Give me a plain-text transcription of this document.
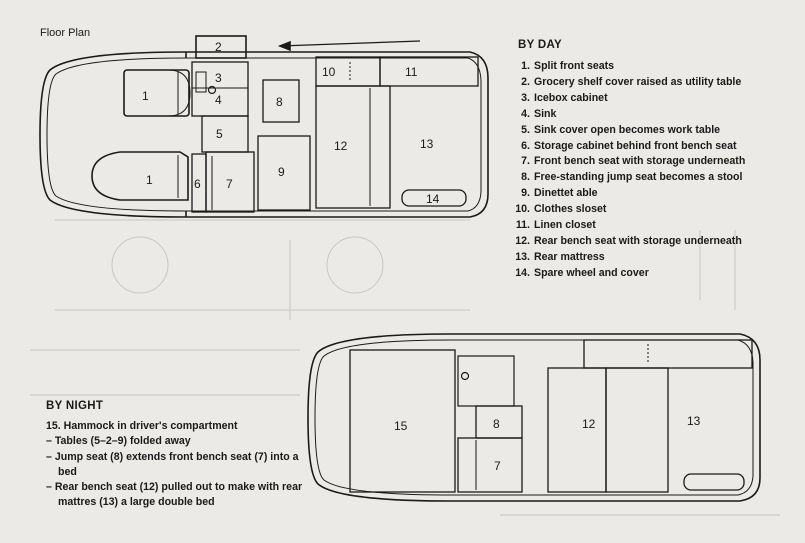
Floor Plan
1
1
2
3
4
5
6 7
8
9
10	11
12	13
14
15	8
7
12	13
BY DAY
1. Split front seats
2. Grocery shelf cover raised as utility table
3. Icebox cabinet
4. Sink
5. Sink cover open becomes work table
6. Storage cabinet behind front bench seat
7. Front bench seat with storage underneath
8. Free-standing jump seat becomes a stool
9. Dinettet able
10. Clothes sloset
11. Linen closet
12. Rear bench seat with storage underneath
13. Rear mattress
14. Spare wheel and cover
BY NIGHT
15. Hammock in driver's compartment
– Tables (5–2–9) folded away
– Jump seat (8) extends front bench seat (7) into a bed
– Rear bench seat (12) pulled out to make with rear mattres (13) a large double bed
